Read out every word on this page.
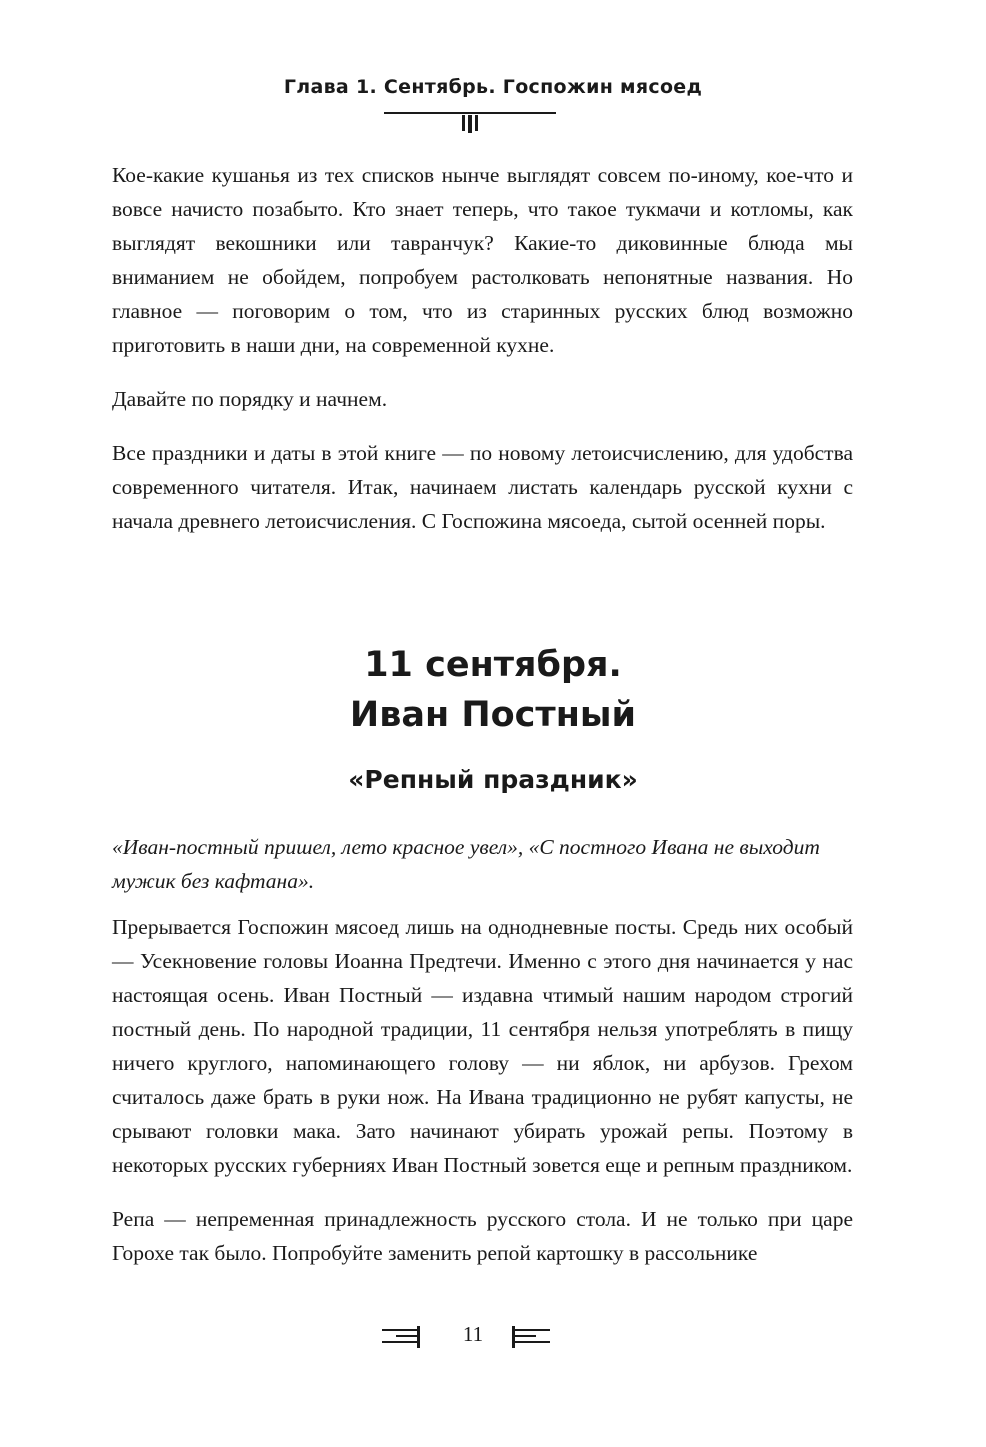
Глава 1. Сентябрь. Госпожин мясоед

Кое-какие кушанья из тех списков нынче выглядят совсем по-иному, кое-что и вовсе начисто позабыто. Кто знает теперь, что такое тукмачи и котломы, как выглядят векошники или тавранчук? Какие-то диковинные блюда мы вниманием не обойдем, попробуем растолковать непонятные названия. Но главное — поговорим о том, что из старинных русских блюд возможно приготовить в наши дни, на современной кухне.

Давайте по порядку и начнем.

Все праздники и даты в этой книге — по новому летоисчислению, для удобства современного читателя. Итак, начинаем листать календарь русской кухни с начала древнего летоисчисления. С Госпожина мясоеда, сытой осенней поры.

11 сентября.
Иван Постный
«Репный праздник»
«Иван-постный пришел, лето красное увел», «С постного Ивана не выходит мужик без кафтана».

Прерывается Госпожин мясоед лишь на однодневные посты. Средь них особый — Усекновение головы Иоанна Предтечи. Именно с этого дня начинается у нас настоящая осень. Иван Постный — издавна чтимый нашим народом строгий постный день. По народной традиции, 11 сентября нельзя употреблять в пищу ничего круглого, напоминающего голову — ни яблок, ни арбузов. Грехом считалось даже брать в руки нож. На Ивана традиционно не рубят капусты, не срывают головки мака. Зато начинают убирать урожай репы. Поэтому в некоторых русских губерниях Иван Постный зовется еще и репным праздником.

Репа — непременная принадлежность русского стола. И не только при царе Горохе так было. Попробуйте заменить репой картошку в рассольнике

11
